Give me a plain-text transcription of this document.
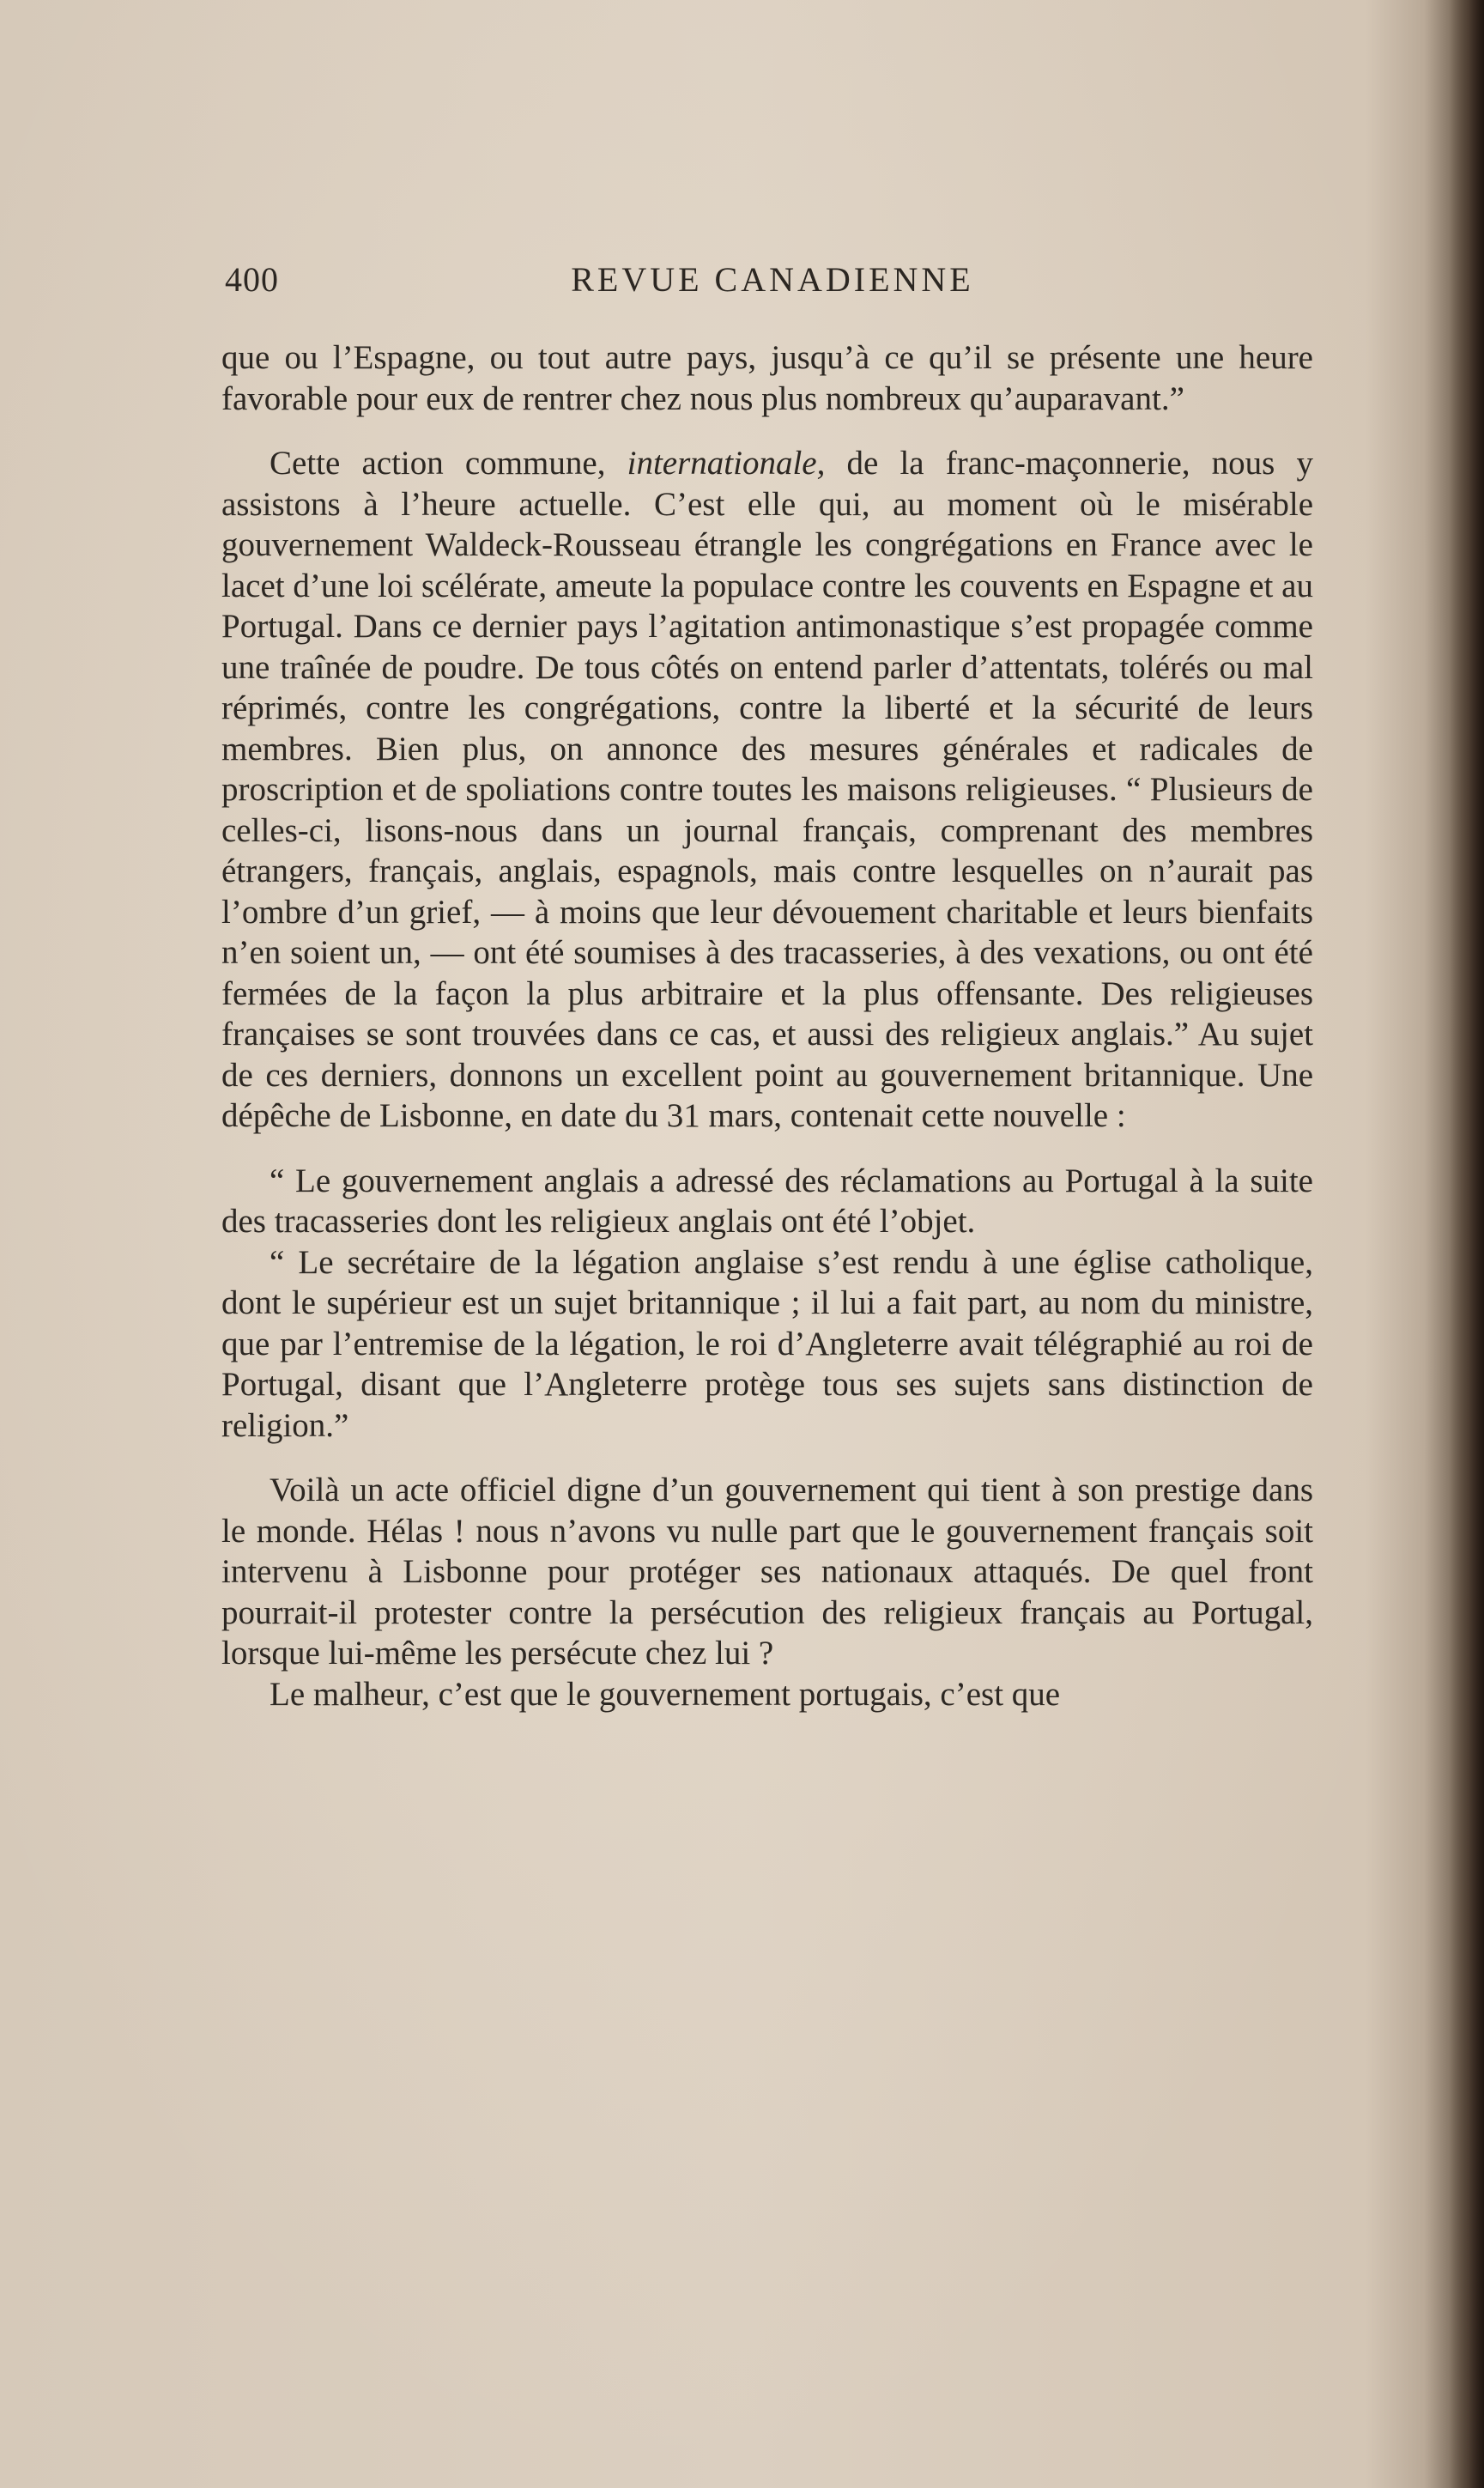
400	REVUE CANADIENNE

que ou l’Espagne, ou tout autre pays, jusqu’à ce qu’il se présente une heure favorable pour eux de rentrer chez nous plus nombreux qu’auparavant.”

Cette action commune, internationale, de la franc-maçonnerie, nous y assistons à l’heure actuelle. C’est elle qui, au moment où le misérable gouvernement Waldeck-Rousseau étrangle les congrégations en France avec le lacet d’une loi scélérate, ameute la populace contre les couvents en Espagne et au Portugal. Dans ce dernier pays l’agitation antimonastique s’est propagée comme une traînée de poudre. De tous côtés on entend parler d’attentats, tolérés ou mal réprimés, contre les congrégations, contre la liberté et la sécurité de leurs membres. Bien plus, on annonce des mesures générales et radicales de proscription et de spoliations contre toutes les maisons religieuses. “ Plusieurs de celles-ci, lisons-nous dans un journal français, comprenant des membres étrangers, français, anglais, espagnols, mais contre lesquelles on n’aurait pas l’ombre d’un grief, — à moins que leur dévouement charitable et leurs bienfaits n’en soient un, — ont été soumises à des tracasseries, à des vexations, ou ont été fermées de la façon la plus arbitraire et la plus offensante. Des religieuses françaises se sont trouvées dans ce cas, et aussi des religieux anglais.” Au sujet de ces derniers, donnons un excellent point au gouvernement britannique. Une dépêche de Lisbonne, en date du 31 mars, contenait cette nouvelle :

“ Le gouvernement anglais a adressé des réclamations au Portugal à la suite des tracasseries dont les religieux anglais ont été l’objet.

“ Le secrétaire de la légation anglaise s’est rendu à une église catholique, dont le supérieur est un sujet britannique ; il lui a fait part, au nom du ministre, que par l’entremise de la légation, le roi d’Angleterre avait télégraphié au roi de Portugal, disant que l’Angleterre protège tous ses sujets sans distinction de religion.”

Voilà un acte officiel digne d’un gouvernement qui tient à son prestige dans le monde. Hélas ! nous n’avons vu nulle part que le gouvernement français soit intervenu à Lisbonne pour protéger ses nationaux attaqués. De quel front pourrait-il protester contre la persécution des religieux français au Portugal, lorsque lui-même les persécute chez lui ?

Le malheur, c’est que le gouvernement portugais, c’est que
